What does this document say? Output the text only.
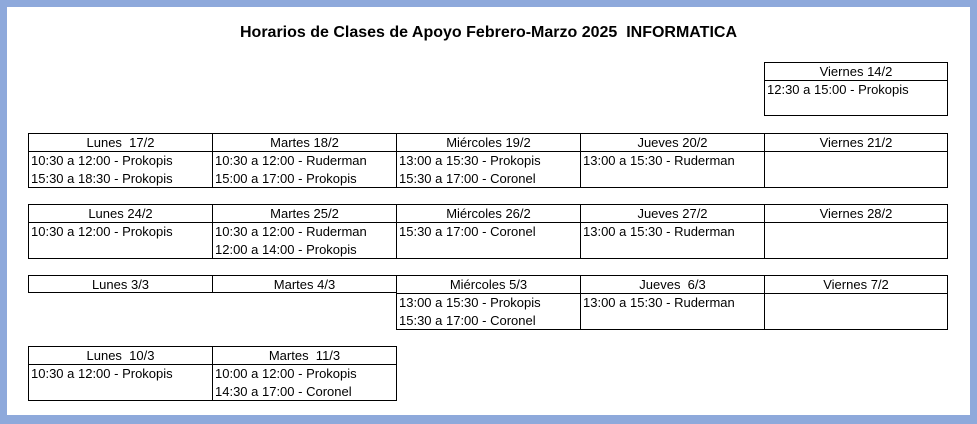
Horarios de Clases de Apoyo Febrero-Marzo 2025  INFORMATICA
Viernes 14/2
12:30 a 15:00 - Prokopis
Lunes  17/2
10:30 a 12:00 - Prokopis
15:30 a 18:30 - Prokopis
Martes 18/2
10:30 a 12:00 - Ruderman
15:00 a 17:00 - Prokopis
Miércoles 19/2
13:00 a 15:30 - Prokopis
15:30 a 17:00 - Coronel
Jueves 20/2
13:00 a 15:30 - Ruderman
Viernes 21/2
Lunes 24/2
10:30 a 12:00 - Prokopis
Martes 25/2
10:30 a 12:00 - Ruderman
12:00 a 14:00 - Prokopis
Miércoles 26/2
15:30 a 17:00 - Coronel
Jueves 27/2
13:00 a 15:30 - Ruderman
Viernes 28/2
Lunes 3/3	Martes 4/3	Miércoles 5/3
13:00 a 15:30 - Prokopis
15:30 a 17:00 - Coronel
Jueves  6/3
13:00 a 15:30 - Ruderman
Viernes 7/2
Lunes  10/3
10:30 a 12:00 - Prokopis
Martes  11/3
10:00 a 12:00 - Prokopis
14:30 a 17:00 - Coronel
